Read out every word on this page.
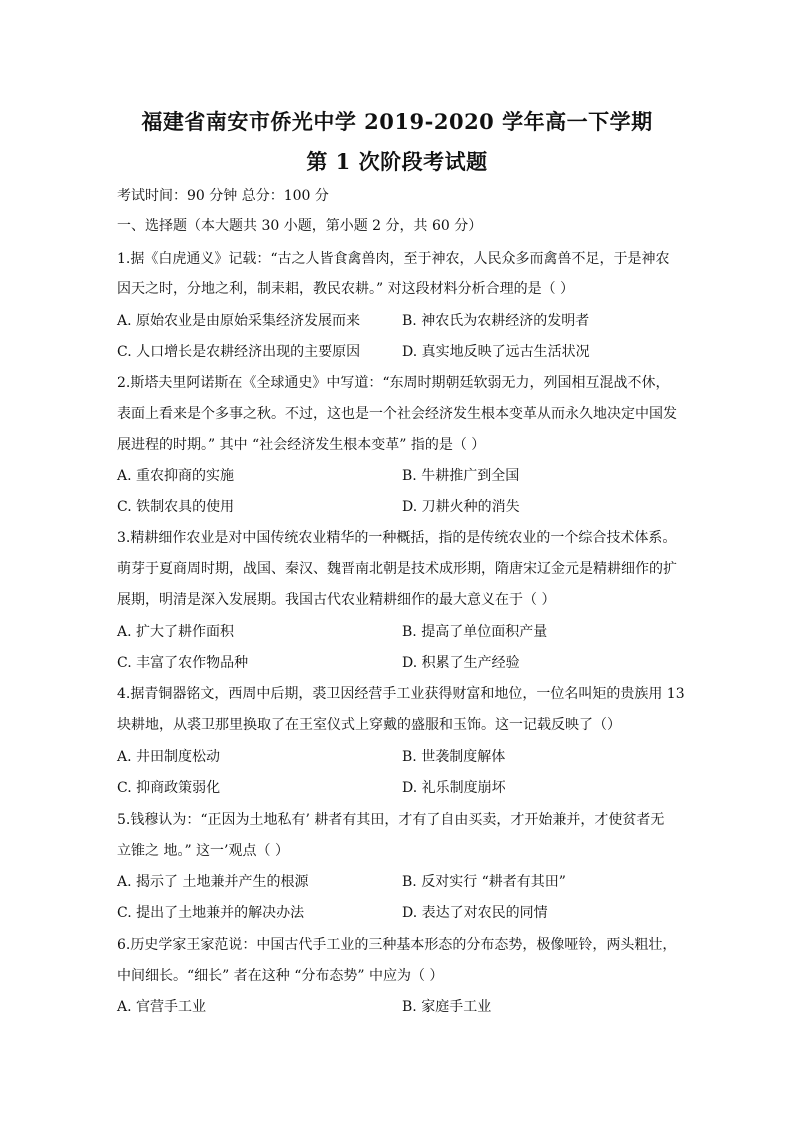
福建省南安市侨光中学 2019-2020 学年高一下学期
第 1 次阶段考试题
考试时间：90 分钟 总分：100 分
一、选择题（本大题共 30 小题，第小题 2 分，共 60 分）
1.据《白虎通义》记载：“古之人皆食禽兽肉，至于神农，人民众多而禽兽不足，于是神农
因天之时，分地之利，制耒耜，教民农耕。” 对这段材料分析合理的是（ ）
A. 原始农业是由原始采集经济发展而来	B. 神农氏为农耕经济的发明者
C. 人口增长是农耕经济出现的主要原因	D. 真实地反映了远古生活状况
2.斯塔夫里阿诺斯在《全球通史》中写道：“东周时期朝廷软弱无力，列国相互混战不休，
表面上看来是个多事之秋。不过，这也是一个社会经济发生根本变革从而永久地决定中国发
展进程的时期。” 其中 “社会经济发生根本变革” 指的是（ ）
A. 重农抑商的实施	B. 牛耕推广到全国
C. 铁制农具的使用	D. 刀耕火种的消失
3.精耕细作农业是对中国传统农业精华的一种概括，指的是传统农业的一个综合技术体系。
萌芽于夏商周时期，战国、秦汉、魏晋南北朝是技术成形期，隋唐宋辽金元是精耕细作的扩
展期，明清是深入发展期。我国古代农业精耕细作的最大意义在于（ ）
A. 扩大了耕作面积	B. 提高了单位面积产量
C. 丰富了农作物品种	D. 积累了生产经验
4.据青铜器铭文，西周中后期，裘卫因经营手工业获得财富和地位，一位名叫矩的贵族用 13
块耕地，从裘卫那里换取了在王室仪式上穿戴的盛服和玉饰。这一记载反映了（）
A. 井田制度松动	B. 世袭制度解体
C. 抑商政策弱化	D. 礼乐制度崩坏
5.钱穆认为：“正因为土地私有’ 耕者有其田，才有了自由买卖，才开始兼并，才使贫者无
立锥之 地。” 这一’观点（ ）
A. 揭示了 土地兼并产生的根源	B. 反对实行 “耕者有其田”
C. 提出了土地兼并的解决办法	D. 表达了对农民的同情
6.历史学家王家范说：中国古代手工业的三种基本形态的分布态势，极像哑铃，两头粗壮，
中间细长。“细长” 者在这种 “分布态势” 中应为（ ）
A. 官营手工业	B. 家庭手工业
